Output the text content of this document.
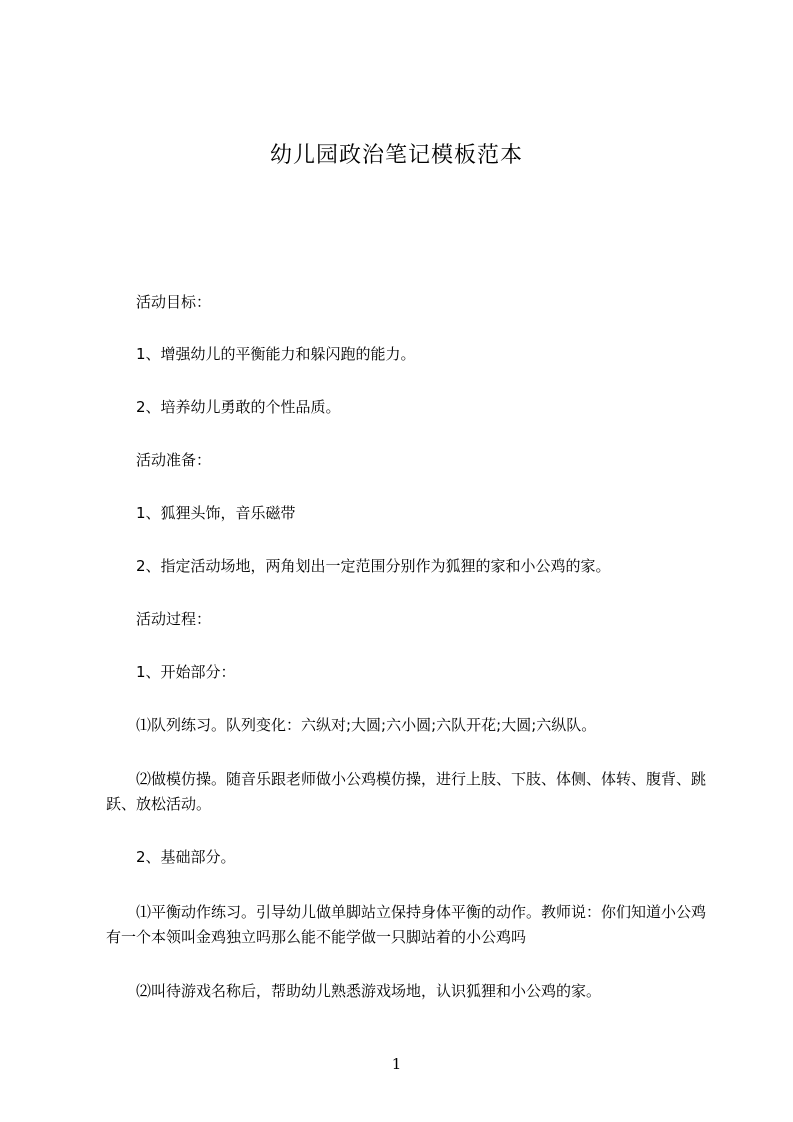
幼儿园政治笔记模板范本

活动目标：

1、增强幼儿的平衡能力和躲闪跑的能力。

2、培养幼儿勇敢的个性品质。

活动准备：

1、狐狸头饰，音乐磁带

2、指定活动场地，两角划出一定范围分别作为狐狸的家和小公鸡的家。

活动过程：

1、开始部分：

⑴队列练习。队列变化：六纵对;大圆;六小圆;六队开花;大圆;六纵队。

⑵做模仿操。随音乐跟老师做小公鸡模仿操，进行上肢、下肢、体侧、体转、腹背、跳跃、放松活动。

2、基础部分。

⑴平衡动作练习。引导幼儿做单脚站立保持身体平衡的动作。教师说：你们知道小公鸡有一个本领叫金鸡独立吗那么能不能学做一只脚站着的小公鸡吗

⑵叫待游戏名称后，帮助幼儿熟悉游戏场地，认识狐狸和小公鸡的家。

1
